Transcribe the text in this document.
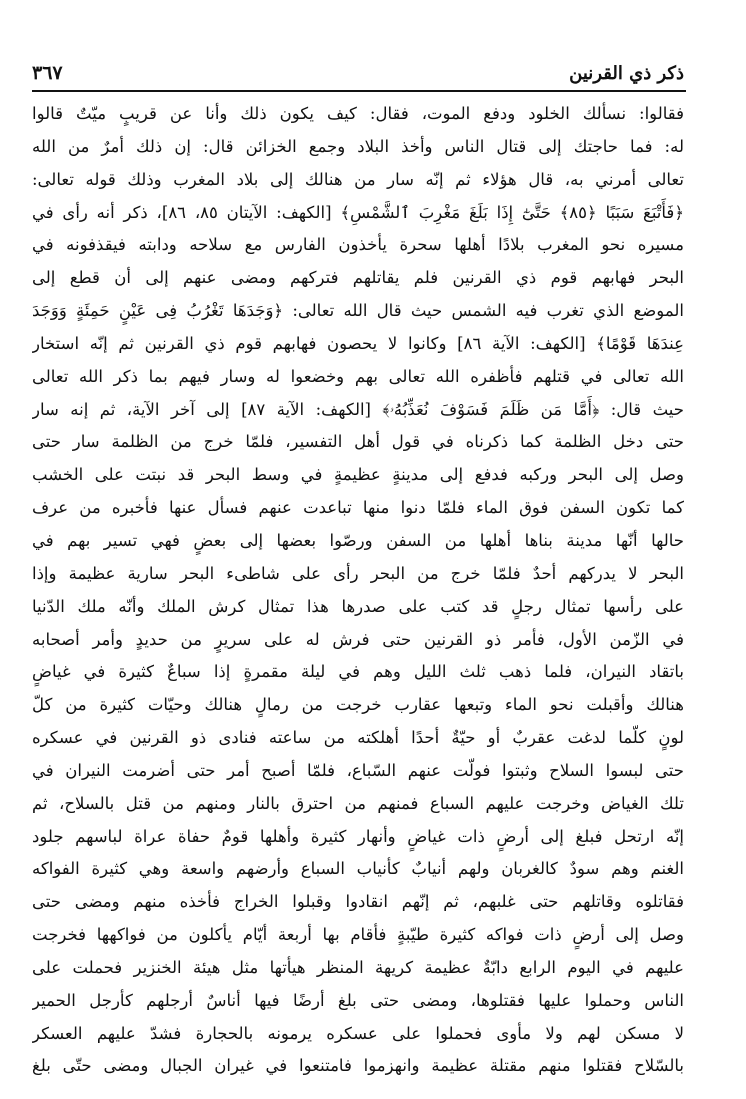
ذكر ذي القرنين
٣٦٧
فقالوا: نسألك الخلود ودفع الموت، فقال: كيف يكون ذلك وأنا عن قريبٍ ميّتٌ قالوا
له: فما حاجتك إلى قتال الناس وأخذ البلاد وجمع الخزائن قال: إن ذلك أمرٌ من الله
تعالى أمرني به، قال هؤلاء ثم إنّه سار من هنالك إلى بلاد المغرب وذلك قوله تعالى:
﴿فَأَتْبَعَ سَبَبًا ﴿٨٥﴾ حَتَّىٰٓ إِذَا بَلَغَ مَغْرِبَ ٱلشَّمْسِ﴾ [الكهف: الآيتان ٨٥، ٨٦]، ذكر أنه رأى في
مسيره نحو المغرب بلادًا أهلها سحرة يأخذون الفارس مع سلاحه ودابته فيقذفونه في
البحر فهابهم قوم ذي القرنين فلم يقاتلهم فتركهم ومضى عنهم إلى أن قطع إلى
الموضع الذي تغرب فيه الشمس حيث قال الله تعالى: ﴿وَجَدَهَا تَغْرُبُ فِى عَيْنٍ حَمِئَةٍ وَوَجَدَ
عِندَهَا قَوْمًا﴾ [الكهف: الآية ٨٦] وكانوا لا يحصون فهابهم قوم ذي القرنين ثم إنّه استخار
الله تعالى في قتلهم فأظفره الله تعالى بهم وخضعوا له وسار فيهم بما ذكر الله تعالى
حيث قال: ﴿أَمَّا مَن ظَلَمَ فَسَوْفَ نُعَذِّبُهُۥ﴾ [الكهف: الآية ٨٧] إلى آخر الآية، ثم إنه سار
حتى دخل الظلمة كما ذكرناه في قول أهل التفسير، فلمّا خرج من الظلمة سار حتى
وصل إلى البحر وركبه فدفع إلى مدينةٍ عظيمةٍ في وسط البحر قد نبتت على الخشب
كما تكون السفن فوق الماء فلمّا دنوا منها تباعدت عنهم فسأل عنها فأخبره من عرف
حالها أنّها مدينة بناها أهلها من السفن ورصّوا بعضها إلى بعضٍ فهي تسير بهم في
البحر لا يدركهم أحدٌ فلمّا خرج من البحر رأى على شاطىء البحر سارية عظيمة وإذا
على رأسها تمثال رجلٍ قد كتب على صدرها هذا تمثال كرش الملك وأنّه ملك الدّنيا
في الزّمن الأول، فأمر ذو القرنين حتى فرش له على سريرٍ من حديدٍ وأمر أصحابه
باتقاد النيران، فلما ذهب ثلث الليل وهم في ليلة مقمرةٍ إذا سباعٌ كثيرة في غياضٍ
هنالك وأقبلت نحو الماء وتبعها عقارب خرجت من رمالٍ هنالك وحيّات كثيرة من كلّ
لونٍ كلّما لدغت عقربٌ أو حيّةٌ أحدًا أهلكته من ساعته فنادى ذو القرنين في عسكره
حتى لبسوا السلاح وثبتوا فولّت عنهم السّباع، فلمّا أصبح أمر حتى أضرمت النيران في
تلك الغياض وخرجت عليهم السباع فمنهم من احترق بالنار ومنهم من قتل بالسلاح، ثم
إنّه ارتحل فبلغ إلى أرضٍ ذات غياضٍ وأنهار كثيرة وأهلها قومٌ حفاة عراة لباسهم جلود
الغنم وهم سودٌ كالغربان ولهم أنيابٌ كأنياب السباع وأرضهم واسعة وهي كثيرة الفواكه
فقاتلوه وقاتلهم حتى غلبهم، ثم إنّهم انقادوا وقبلوا الخراج فأخذه منهم ومضى حتى
وصل إلى أرضٍ ذات فواكه كثيرة طيّبةٍ فأقام بها أربعة أيّام يأكلون من فواكهها فخرجت
عليهم في اليوم الرابع دابّةٌ عظيمة كريهة المنظر هيأتها مثل هيئة الخنزير فحملت على
الناس وحملوا عليها فقتلوها، ومضى حتى بلغ أرضًا فيها أناسٌ أرجلهم كأرجل الحمير
لا مسكن لهم ولا مأوى فحملوا على عسكره يرمونه بالحجارة فشدّ عليهم العسكر
بالسّلاح فقتلوا منهم مقتلة عظيمة وانهزموا فامتنعوا في غيران الجبال ومضى حتّى بلغ
